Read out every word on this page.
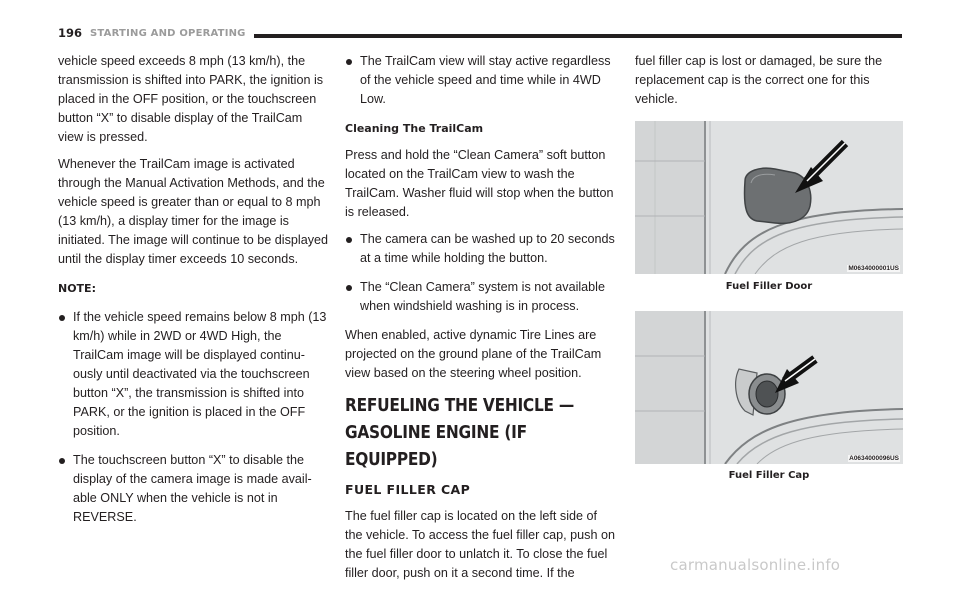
196 STARTING AND OPERATING

vehicle speed exceeds 8 mph (13 km/h), the transmission is shifted into PARK, the ignition is placed in the OFF position, or the touchscreen button “X” to disable display of the TrailCam view is pressed.

Whenever the TrailCam image is activated through the Manual Activation Methods, and the vehicle speed is greater than or equal to 8 mph (13 km/h), a display timer for the image is initiated. The image will continue to be displayed until the display timer exceeds 10 seconds.

NOTE:
If the vehicle speed remains below 8 mph (13 km/h) while in 2WD or 4WD High, the TrailCam image will be displayed continu-ously until deactivated via the touchscreen button “X”, the transmission is shifted into PARK, or the ignition is placed in the OFF position.
The touchscreen button “X” to disable the display of the camera image is made avail-able ONLY when the vehicle is not in REVERSE.
The TrailCam view will stay active regardless of the vehicle speed and time while in 4WD Low.
Cleaning The TrailCam

Press and hold the “Clean Camera” soft button located on the TrailCam view to wash the TrailCam. Washer fluid will stop when the button is released.

The camera can be washed up to 20 seconds at a time while holding the button.
The “Clean Camera” system is not available when windshield washing is in process.

When enabled, active dynamic Tire Lines are projected on the ground plane of the TrailCam view based on the steering wheel position.

REFUELING THE VEHICLE — GASOLINE ENGINE (IF EQUIPPED)
FUEL FILLER CAP

The fuel filler cap is located on the left side of the vehicle. To access the fuel filler cap, push on the fuel filler door to unlatch it. To close the fuel filler door, push on it a second time. If the

fuel filler cap is lost or damaged, be sure the replacement cap is the correct one for this vehicle.

M0634000001US
Fuel Filler Door
A0634000096US
Fuel Filler Cap
carmanualsonline.info
